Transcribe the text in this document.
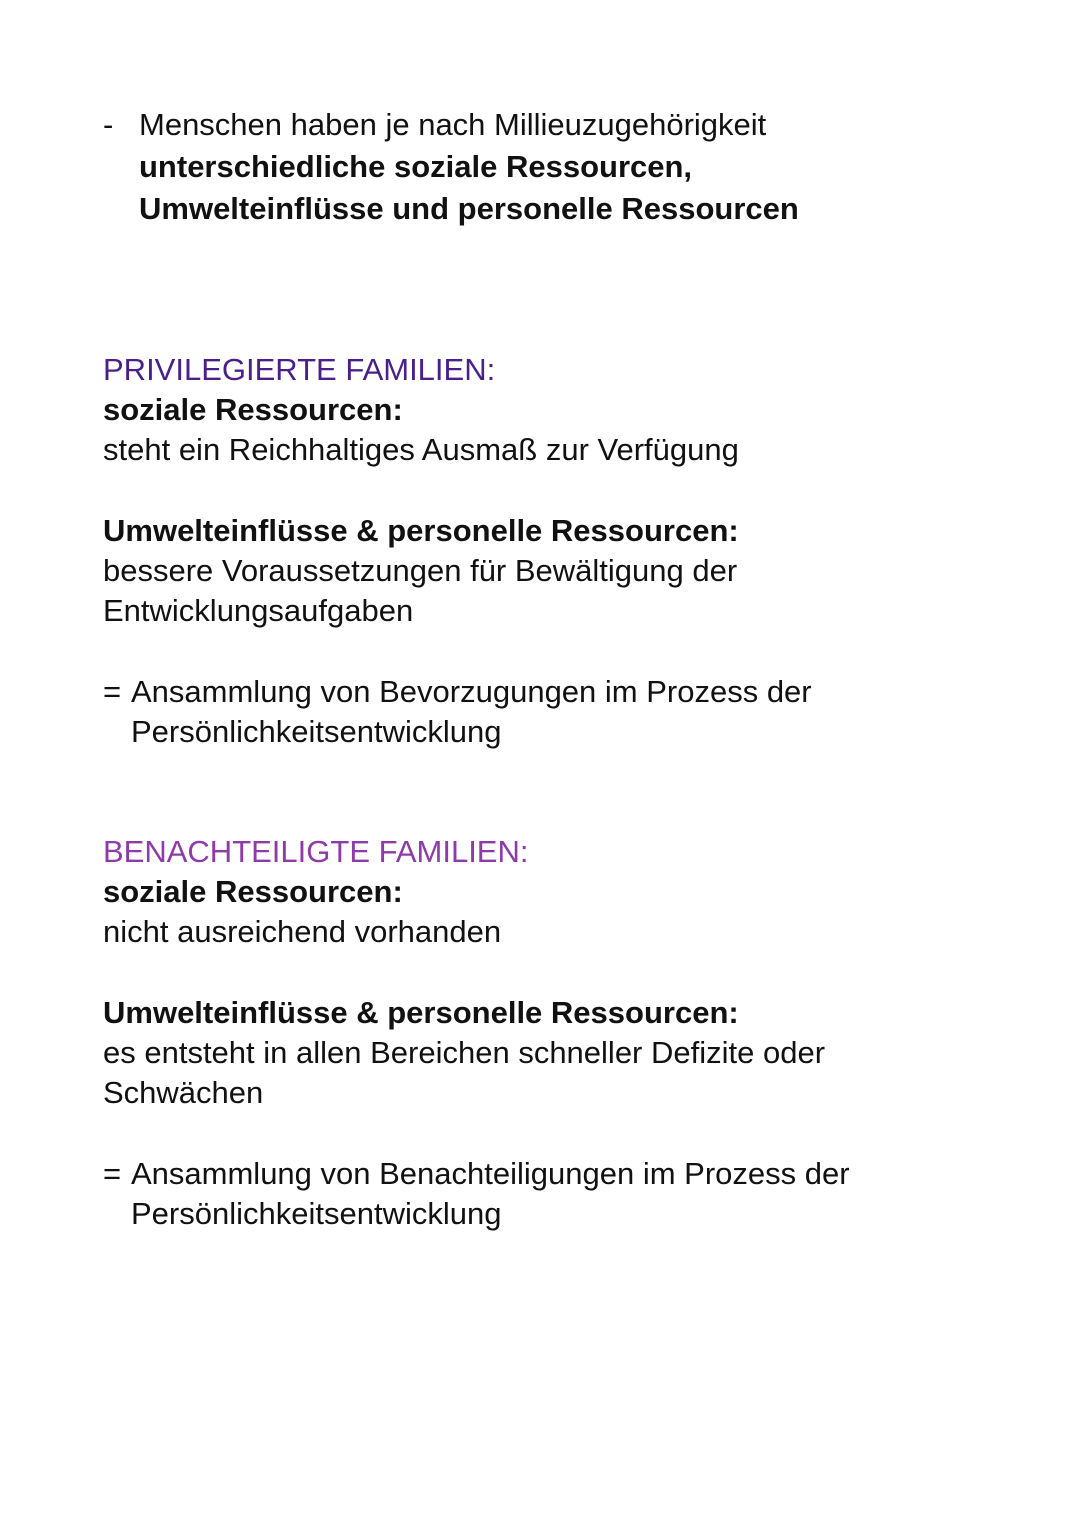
- Menschen haben je nach Millieuzugehörigkeit
unterschiedliche soziale Ressourcen,
Umwelteinflüsse und personelle Ressourcen
PRIVILEGIERTE FAMILIEN:
soziale Ressourcen:
steht ein Reichhaltiges Ausmaß zur Verfügung
Umwelteinflüsse & personelle Ressourcen:
bessere Voraussetzungen für Bewältigung der
Entwicklungsaufgaben
= Ansammlung von Bevorzugungen im Prozess der
Persönlichkeitsentwicklung
BENACHTEILIGTE FAMILIEN:
soziale Ressourcen:
nicht ausreichend vorhanden
Umwelteinflüsse & personelle Ressourcen:
es entsteht in allen Bereichen schneller Defizite oder
Schwächen
= Ansammlung von Benachteiligungen im Prozess der
Persönlichkeitsentwicklung
